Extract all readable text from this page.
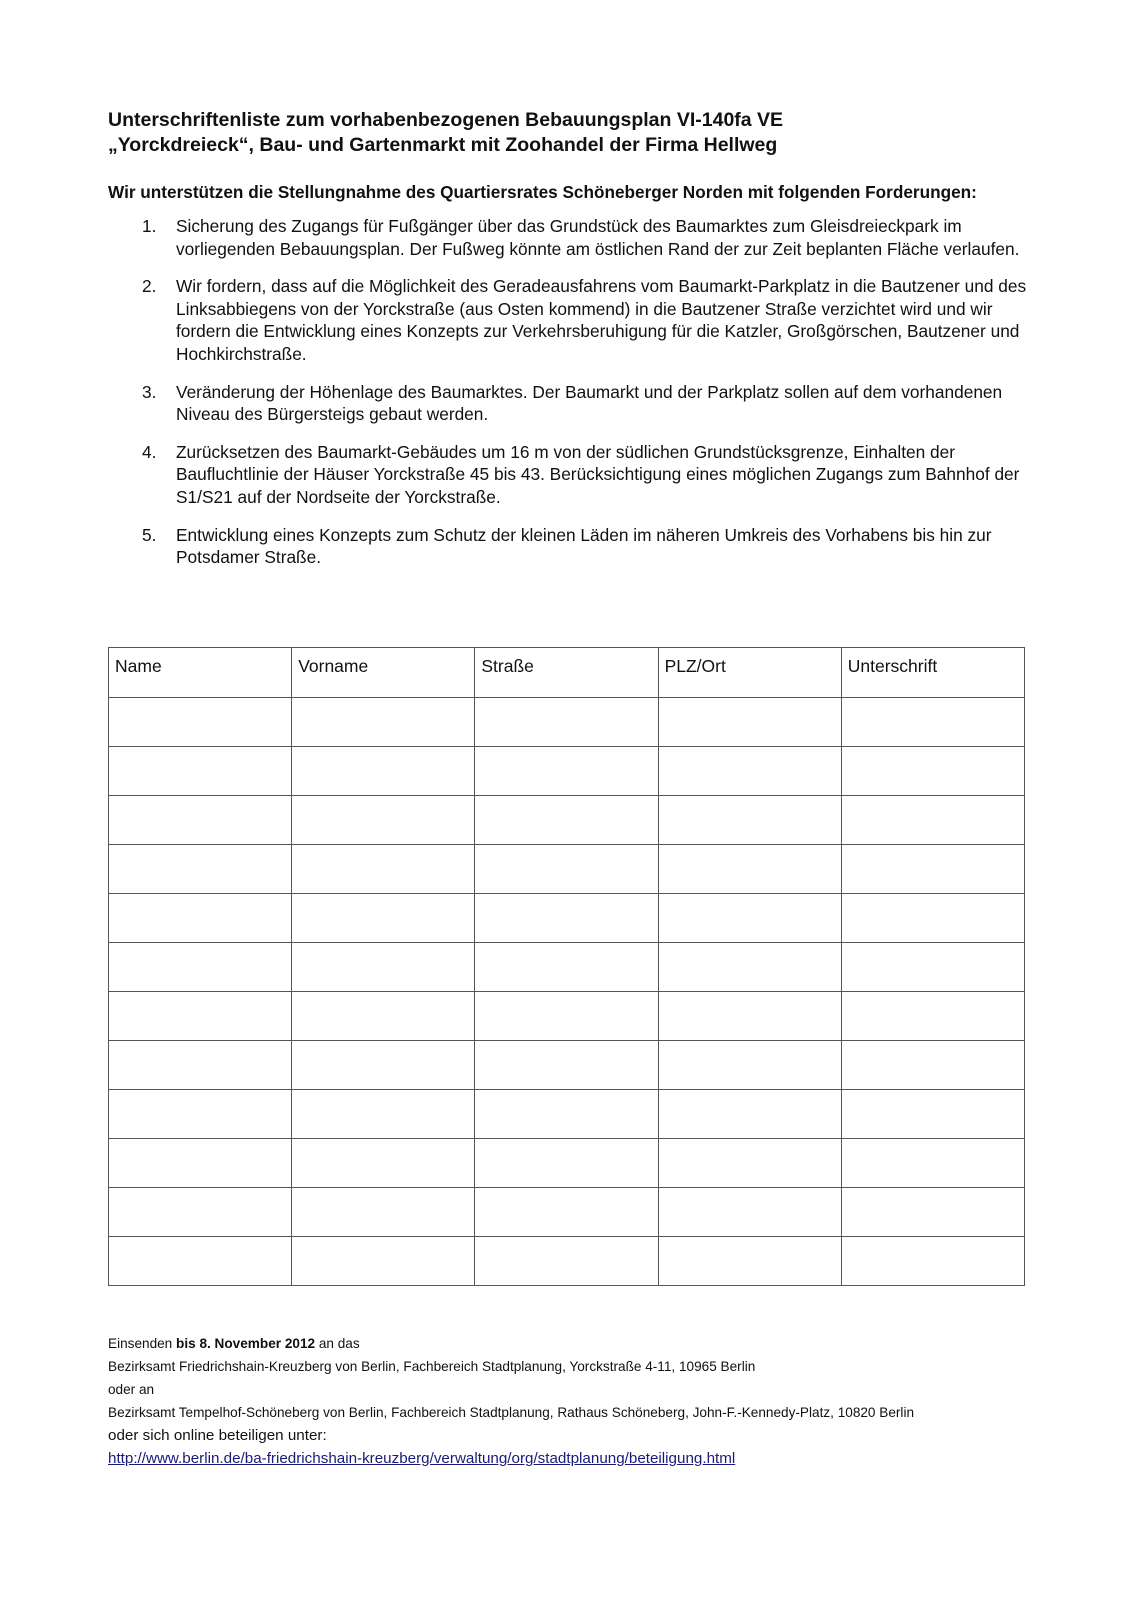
Unterschriftenliste zum vorhabenbezogenen Bebauungsplan VI-140fa VE
„Yorckdreieck“, Bau- und Gartenmarkt mit Zoohandel der Firma Hellweg

Wir unterstützen die Stellungnahme des Quartiersrates Schöneberger Norden mit folgenden Forderungen:

1. Sicherung des Zugangs für Fußgänger über das Grundstück des Baumarktes zum Gleisdreieckpark im vorliegenden Bebauungsplan. Der Fußweg könnte am östlichen Rand der zur Zeit beplanten Fläche verlaufen.
2. Wir fordern, dass auf die Möglichkeit des Geradeausfahrens vom Baumarkt-Parkplatz in die Bautzener und des Linksabbiegens von der Yorckstraße (aus Osten kommend) in die Bautzener Straße verzichtet wird und wir fordern die Entwicklung eines Konzepts zur Verkehrsberuhigung für die Katzler, Großgörschen, Bautzener und Hochkirchstraße.
3. Veränderung der Höhenlage des Baumarktes. Der Baumarkt und der Parkplatz sollen auf dem vorhandenen Niveau des Bürgersteigs gebaut werden.
4. Zurücksetzen des Baumarkt-Gebäudes um 16 m von der südlichen Grundstücksgrenze, Einhalten der Baufluchtlinie der Häuser Yorckstraße 45 bis 43. Berücksichtigung eines möglichen Zugangs zum Bahnhof der S1/S21 auf der Nordseite der Yorckstraße.
5. Entwicklung eines Konzepts zum Schutz der kleinen Läden im näheren Umkreis des Vorhabens bis hin zur Potsdamer Straße.
Name	Vorname	Straße	PLZ/Ort	Unterschrift

Einsenden bis 8. November 2012 an das
Bezirksamt Friedrichshain-Kreuzberg von Berlin, Fachbereich Stadtplanung, Yorckstraße 4-11, 10965 Berlin
oder an
Bezirksamt Tempelhof-Schöneberg von Berlin, Fachbereich Stadtplanung, Rathaus Schöneberg, John-F.-Kennedy-Platz, 10820 Berlin
oder sich online beteiligen unter:
http://www.berlin.de/ba-friedrichshain-kreuzberg/verwaltung/org/stadtplanung/beteiligung.html
